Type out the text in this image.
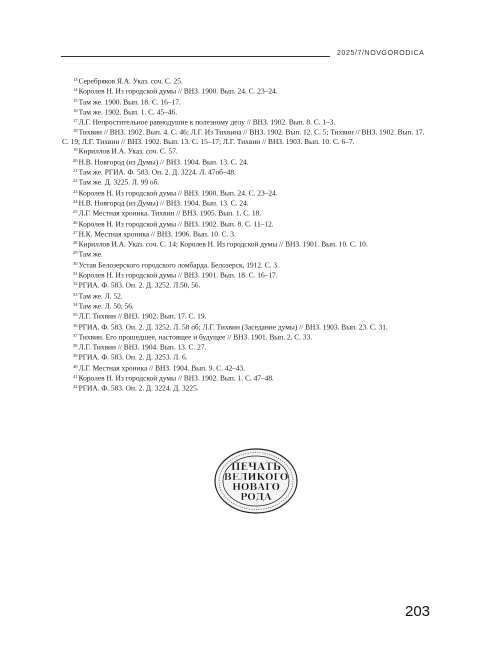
2025/7/NOVGORODICA

$^{13}$Серебряков Я.А. Указ. соч. С. 25.

$^{14}$Королев Н. Из городской думы // ВНЗ. 1900. Вып. 24. С. 23–24.

$^{15}$Там же. 1900. Вып. 18. С. 16–17.

$^{16}$Там же. 1902. Вып. 1. С. 45–46.

$^{17}$Л.Г. Непростительное равнодушие к полезному делу // ВНЗ. 1902. Вып. 8. С. 1–3.

$^{18}$Тихвин // ВНЗ. 1902. Вып. 4. С. 46; Л.Г. Из Тихвина // ВНЗ. 1902. Вып. 12. С. 5; Тихвин // ВНЗ. 1902. Вып. 17. С. 19; Л.Г. Тихвин // ВНЗ. 1902. Вып. 13. С. 15–17; Л.Г. Тихвин // ВНЗ. 1903. Вып. 10. С. 6–7.

$^{19}$Кириллов И.А. Указ. соч. С. 57.

$^{20}$Н.В. Новгород (из Думы) // ВНЗ. 1904. Вып. 13. С. 24.

$^{21}$Там же. РГИА. Ф. 583. Оп. 2. Д. 3224. Л. 47об–48.

$^{22}$Там же. Д. 3225. Л. 99 об.

$^{23}$Королев Н. Из городской думы // ВНЗ. 1900. Вып. 24. С. 23–24.

$^{24}$Н.В. Новгород (из Думы) // ВНЗ. 1904. Вып. 13. С. 24.

$^{25}$Л.Г. Местная хроника. Тихвин // ВНЗ. 1905. Вып. 1. С. 18.

$^{26}$Королев Н. Из городской думы // ВНЗ. 1902. Вып. 8. С. 11–12.

$^{27}$Н.К. Местная хроника // ВНЗ. 1906. Вып. 10. С. 3.

$^{28}$Кириллов И.А. Указ. соч. С. 14; Королев Н. Из городской думы // ВНЗ. 1901. Вып. 10. С. 10.

$^{29}$Там же.

$^{30}$Устав Белозерского городского ломбарда. Белозерск, 1912. С. 3.

$^{31}$Королев Н. Из городской думы // ВНЗ. 1901. Вып. 18. С. 16–17.

$^{32}$РГИА. Ф. 583. Оп. 2. Д. 3252. Л.50, 56.

$^{33}$Там же. Л. 52.

$^{34}$Там же. Л. 50, 56.

$^{35}$Л.Г. Тихвин // ВНЗ. 1902. Вып. 17. С. 19.

$^{36}$РГИА. Ф. 583. Оп. 2. Д. 3252. Л. 58 об; Л.Г. Тихвин (Заседание думы) // ВНЗ. 1903. Вып. 23. С. 31.

$^{37}$Тихвин. Его прошедшее, настоящее и будущее // ВНЗ. 1901. Вып. 2. С. 33.

$^{38}$Л.Г. Тихвин // ВНЗ. 1904. Вып. 13. С. 27.

$^{39}$РГИА. Ф. 583. Оп. 2. Д. 3253. Л. 6.

$^{40}$Л.Г. Местная хроника // ВНЗ. 1904. Вып. 9. С. 42–43.

$^{41}$Королев Н. Из городской думы // ВНЗ. 1902. Вып. 1. С. 47–48.

$^{42}$РГИА. Ф. 583. Оп. 2. Д. 3224. Д. 3225.

ПЕЧАТЬ
ВЕЛИКОГО
НОВАГО
РОДА
203
